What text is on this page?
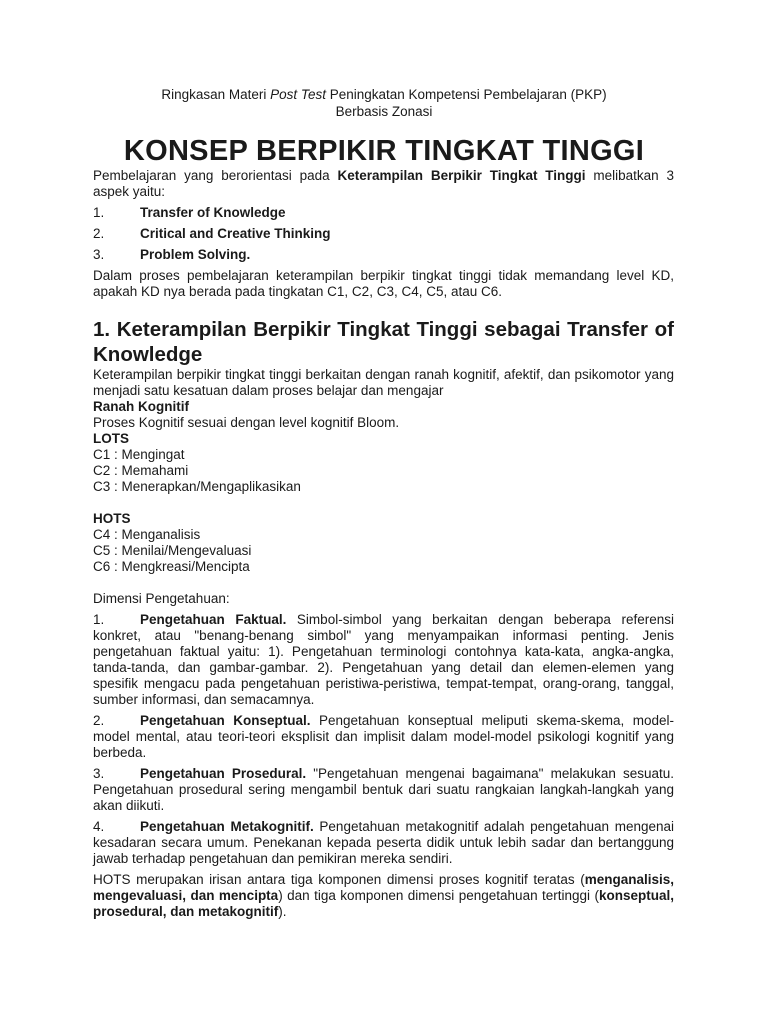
Ringkasan Materi Post Test Peningkatan Kompetensi Pembelajaran (PKP)
Berbasis Zonasi
KONSEP BERPIKIR TINGKAT TINGGI

Pembelajaran yang berorientasi pada Keterampilan Berpikir Tingkat Tinggi melibatkan 3 aspek yaitu:

1.	Transfer of Knowledge
2.	Critical and Creative Thinking
3.	Problem Solving.

Dalam proses pembelajaran keterampilan berpikir tingkat tinggi tidak memandang level KD, apakah KD nya berada pada tingkatan C1, C2, C3, C4, C5, atau C6.

1. Keterampilan Berpikir Tingkat Tinggi sebagai Transfer of Knowledge

Keterampilan berpikir tingkat tinggi berkaitan dengan ranah kognitif, afektif, dan psikomotor yang menjadi satu kesatuan dalam proses belajar dan mengajar

Ranah Kognitif
Proses Kognitif sesuai dengan level kognitif Bloom.
LOTS
C1 : Mengingat
C2 : Memahami
C3 : Menerapkan/Mengaplikasikan
HOTS
C4 : Menganalisis
C5 : Menilai/Mengevaluasi
C6 : Mengkreasi/Mencipta
Dimensi Pengetahuan:

1.	Pengetahuan Faktual. Simbol-simbol yang berkaitan dengan beberapa referensi konkret, atau "benang-benang simbol" yang menyampaikan informasi penting. Jenis pengetahuan faktual yaitu: 1). Pengetahuan terminologi contohnya kata-kata, angka-angka, tanda-tanda, dan gambar-gambar. 2). Pengetahuan yang detail dan elemen-elemen yang spesifik mengacu pada pengetahuan peristiwa-peristiwa, tempat-tempat, orang-orang, tanggal, sumber informasi, dan semacamnya.

2.	Pengetahuan Konseptual. Pengetahuan konseptual meliputi skema-skema, model-model mental, atau teori-teori eksplisit dan implisit dalam model-model psikologi kognitif yang berbeda.

3.	Pengetahuan Prosedural. "Pengetahuan mengenai bagaimana" melakukan sesuatu. Pengetahuan prosedural sering mengambil bentuk dari suatu rangkaian langkah-langkah yang akan diikuti.

4.	Pengetahuan Metakognitif. Pengetahuan metakognitif adalah pengetahuan mengenai kesadaran secara umum. Penekanan kepada peserta didik untuk lebih sadar dan bertanggung jawab terhadap pengetahuan dan pemikiran mereka sendiri.

HOTS merupakan irisan antara tiga komponen dimensi proses kognitif teratas (menganalisis, mengevaluasi, dan mencipta) dan tiga komponen dimensi pengetahuan tertinggi (konseptual, prosedural, dan metakognitif).
